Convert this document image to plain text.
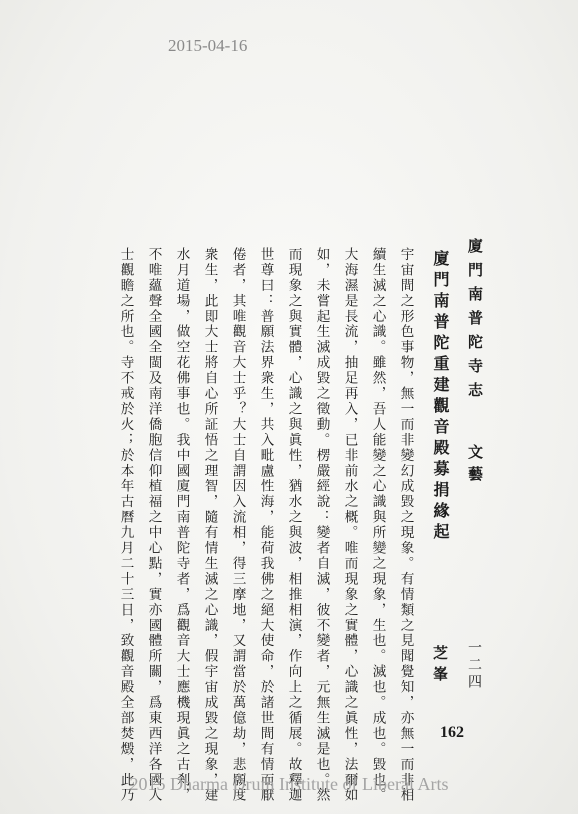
2015-04-16
廈門南普陀寺志
文藝
一二四
廈門南普陀重建觀音殿募捐緣起
芝峯
宇宙間之形色事物，無一而非變幻成毀之現象。有情類之見聞覺知，亦無一而非相
續生滅之心識。雖然，吾人能變之心識與所變之現象，生也。滅也。成也。毀也。
大海濕是長流，抽足再入，已非前水之概。唯而現象之實體，心識之眞性，法爾如
如，未嘗起生滅成毀之徵動。楞嚴經說：變者自滅，彼不變者，元無生滅是也。然
而現象之與實體，心識之與眞性，猶水之與波，相推相演，作向上之循展。故釋迦
世尊曰：普願法界衆生，共入毗盧性海，能荷我佛之絕大使命，於諸世間有情而厭
倦者，其唯觀音大士乎？大士自謂因入流相，得三摩地，又謂當於萬億劫，悲願度
衆生，此即大士將自心所証悟之理智，隨有情生滅之心識，假宇宙成毀之現象，建
水月道場，做空花佛事也。我中國廈門南普陀寺者，爲觀音大士應機現眞之古剎，
不唯蘊聲全國全閩及南洋僑胞信仰植福之中心點，實亦國體所關，爲東西洋各國人
士觀瞻之所也。寺不戒於火；於本年古曆九月二十三日，致觀音殿全部焚燬，此乃	162
2015 Dharma Drum Institute of Liberal Arts
